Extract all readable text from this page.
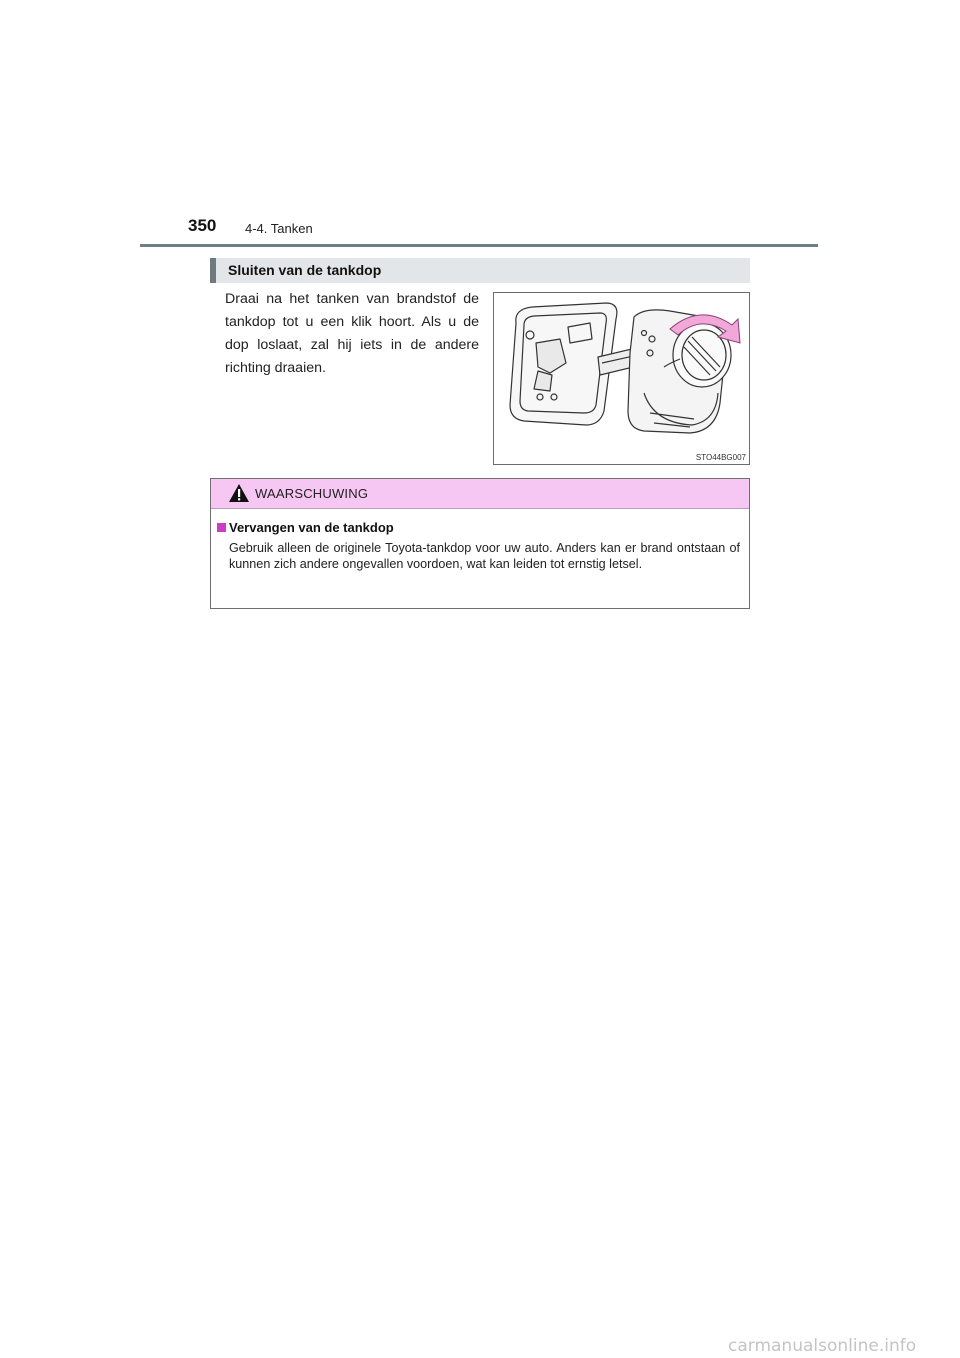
350 4-4. Tanken
Sluiten van de tankdop
Draai na het tanken van brandstof de tankdop tot u een klik hoort. Als u de dop loslaat, zal hij iets in de andere richting draaien.
STO44BG007
WAARSCHUWING
Vervangen van de tankdop
Gebruik alleen de originele Toyota-tankdop voor uw auto. Anders kan er brand ontstaan of kunnen zich andere ongevallen voordoen, wat kan leiden tot ernstig letsel.
carmanualsonline.info
